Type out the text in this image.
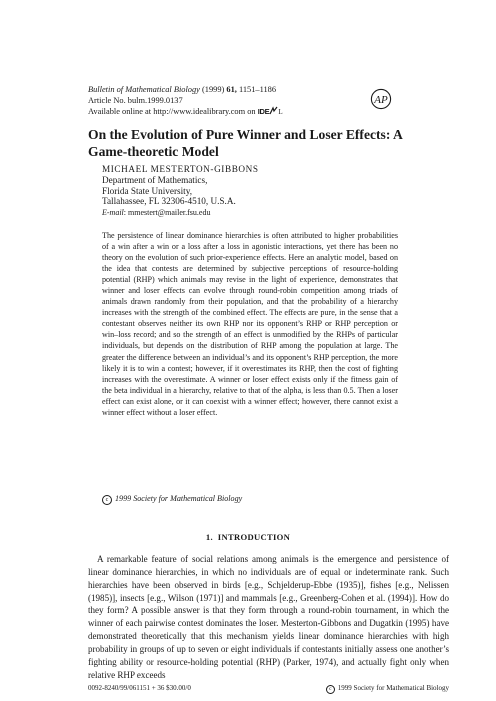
Bulletin of Mathematical Biology (1999) 61, 1151–1186
Article No. bulm.1999.0137
Available online at http://www.idealibrary.com on IDE L
AP
On the Evolution of Pure Winner and Loser Effects: A Game-theoretic Model
MICHAEL MESTERTON-GIBBONS
Department of Mathematics,
Florida State University,
Tallahassee, FL 32306-4510, U.S.A.
E-mail: mmestert@mailer.fsu.edu
The persistence of linear dominance hierarchies is often attributed to higher probabilities of a win after a win or a loss after a loss in agonistic interactions, yet there has been no theory on the evolution of such prior-experience effects. Here an analytic model, based on the idea that contests are determined by subjective perceptions of resource-holding potential (RHP) which animals may revise in the light of experience, demonstrates that winner and loser effects can evolve through round-robin competition among triads of animals drawn randomly from their population, and that the probability of a hierarchy increases with the strength of the combined effect. The effects are pure, in the sense that a contestant observes neither its own RHP nor its opponent’s RHP or RHP perception or win–loss record; and so the strength of an effect is unmodified by the RHPs of particular individuals, but depends on the distribution of RHP among the population at large. The greater the difference between an individual’s and its opponent’s RHP perception, the more likely it is to win a contest; however, if it overestimates its RHP, then the cost of fighting increases with the overestimate. A winner or loser effect exists only if the fitness gain of the beta individual in a hierarchy, relative to that of the alpha, is less than 0.5. Then a loser effect can exist alone, or it can coexist with a winner effect; however, there cannot exist a winner effect without a loser effect.
c 1999 Society for Mathematical Biology
1. INTRODUCTION
A remarkable feature of social relations among animals is the emergence and persistence of linear dominance hierarchies, in which no individuals are of equal or indeterminate rank. Such hierarchies have been observed in birds [e.g., Schjelderup-Ebbe (1935)], fishes [e.g., Nelissen (1985)], insects [e.g., Wilson (1971)] and mammals [e.g., Greenberg-Cohen et al. (1994)]. How do they form? A possible answer is that they form through a round-robin tournament, in which the winner of each pairwise contest dominates the loser. Mesterton-Gibbons and Dugatkin (1995) have demonstrated theoretically that this mechanism yields linear dominance hierarchies with high probability in groups of up to seven or eight individuals if contestants initially assess one another’s fighting ability or resource-holding potential (RHP) (Parker, 1974), and actually fight only when relative RHP exceeds
0092-8240/99/061151 + 36 $30.00/0	c 1999 Society for Mathematical Biology
